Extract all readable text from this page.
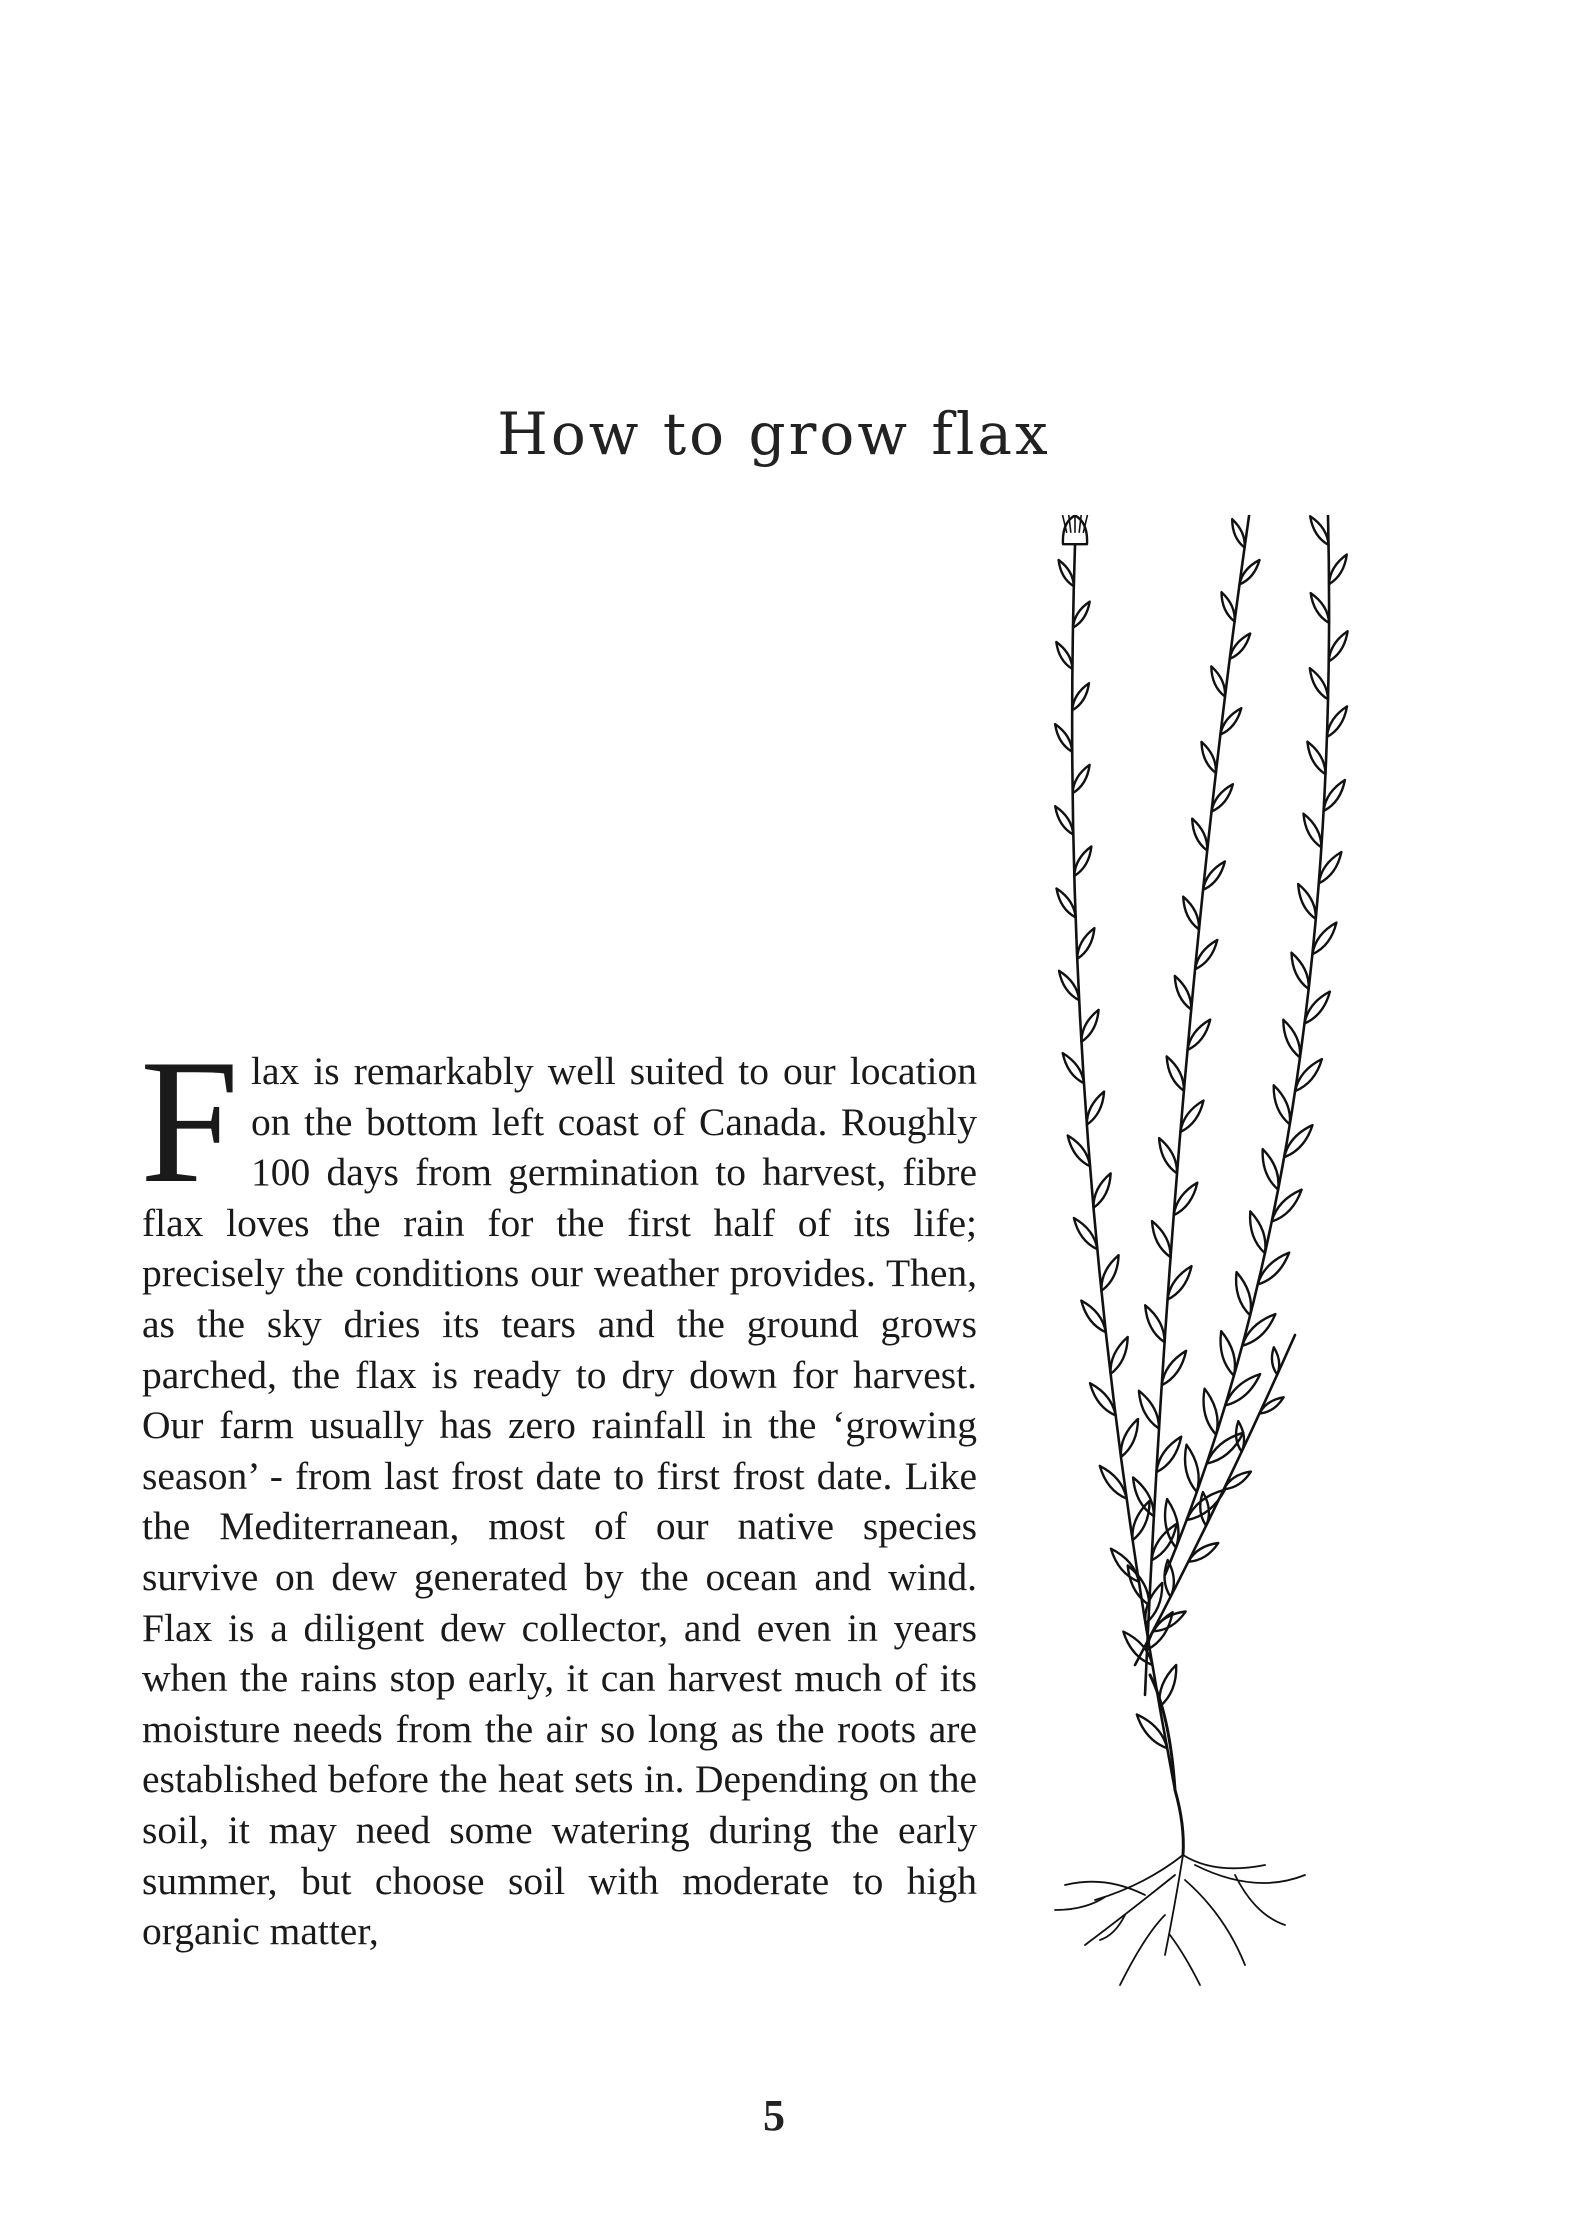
How to grow flax

Flax is remarkably well suited to our location on the bottom left coast of Canada. Roughly 100 days from germination to harvest, fibre flax loves the rain for the first half of its life; precisely the conditions our weather provides. Then, as the sky dries its tears and the ground grows parched, the flax is ready to dry down for harvest. Our farm usually has zero rainfall in the ‘growing season’ - from last frost date to first frost date. Like the Mediterranean, most of our native species survive on dew generated by the ocean and wind. Flax is a diligent dew collector, and even in years when the rains stop early, it can harvest much of its moisture needs from the air so long as the roots are established before the heat sets in. Depending on the soil, it may need some watering during the early summer, but choose soil with moderate to high organic matter,

5
